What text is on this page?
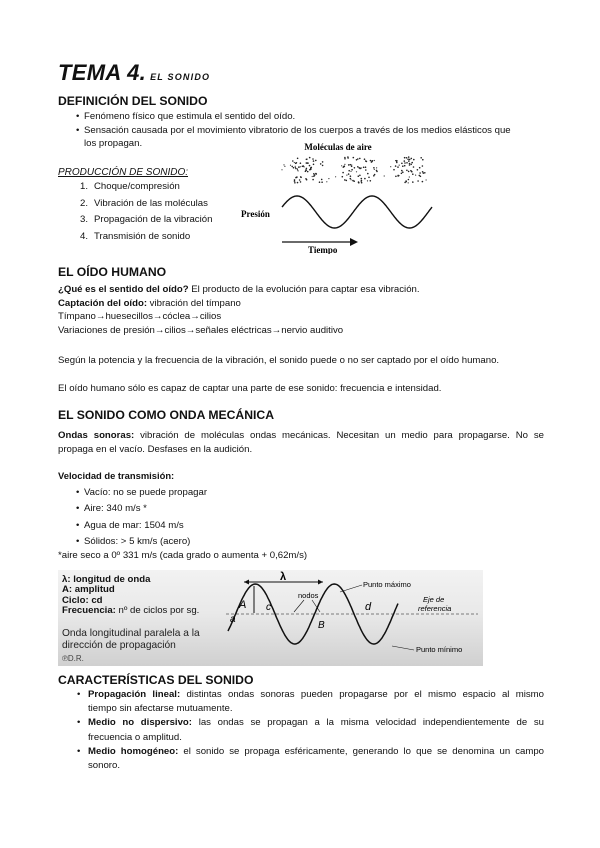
TEMA 4. EL SONIDO
DEFINICIÓN DEL SONIDO
• Fenómeno físico que estimula el sentido del oído.
• Sensación causada por el movimiento vibratorio de los cuerpos a través de los medios elásticos que
los propagan.
PRODUCCIÓN DE SONIDO:
1. Choque/compresión
2. Vibración de las moléculas
3. Propagación de la vibración
4. Transmisión de sonido
Moléculas de aire
Presión
Tiempo
EL OÍDO HUMANO
¿Qué es el sentido del oído? El producto de la evolución para captar esa vibración.
Captación del oído: vibración del tímpano
Tímpano→huesecillos→cóclea→cilios
Variaciones de presión→cilios→señales eléctricas→nervio auditivo
Según la potencia y la frecuencia de la vibración, el sonido puede o no ser captado por el oído humano.
El oído humano sólo es capaz de captar una parte de ese sonido: frecuencia e intensidad.
EL SONIDO COMO ONDA MECÁNICA
Ondas sonoras: vibración de moléculas ondas mecánicas. Necesitan un medio para propagarse. No se
propaga en el vacío. Desfases en la audición.
Velocidad de transmisión:
• Vacío: no se puede propagar
• Aire: 340 m/s *
• Agua de mar: 1504 m/s
• Sólidos: > 5 km/s (acero)
*aire seco a 0º 331 m/s (cada grado o aumenta + 0,62m/s)
λ: longitud de onda
A: amplitud
Ciclo: cd
Frecuencia: nº de ciclos por sg.
Onda longitudinal paralela a la
dirección de propagación
℗D.R.
λ
A
a
c
B
d
nodos
Punto máximo
Eje de
referencia
Punto mínimo
CARACTERÍSTICAS DEL SONIDO
• Propagación lineal: distintas ondas sonoras pueden propagarse por el mismo espacio al mismo
tiempo sin afectarse mutuamente.
• Medio no dispersivo: las ondas se propagan a la misma velocidad independientemente de su
frecuencia o amplitud.
• Medio homogéneo: el sonido se propaga esféricamente, generando lo que se denomina un campo
sonoro.
